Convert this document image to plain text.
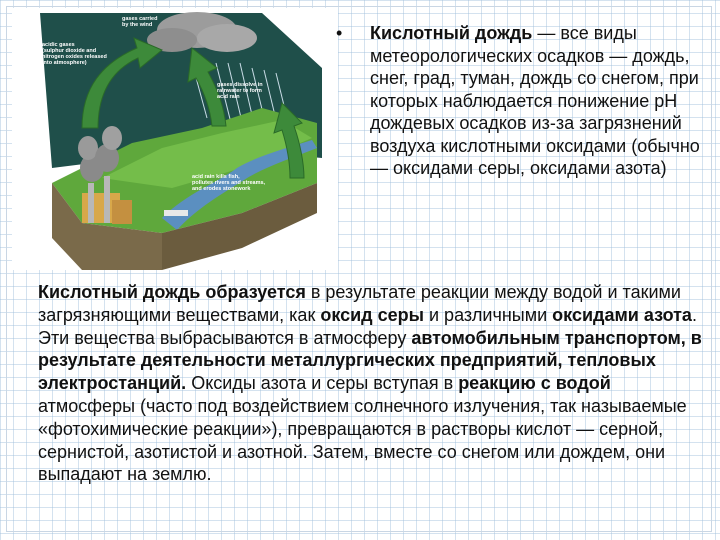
acidic gases (sulphur dioxide and nitrogen oxides released into atmosphere)
gases carried by the wind
gases dissolve in rainwater to form acid rain
acid rain kills fish, pollutes rivers and streams, and erodes stonework
• Кислотный дождь — все виды метеорологических осадков — дождь, снег, град, туман, дождь со снегом, при которых наблюдается понижение pH дождевых осадков из-за загрязнений воздуха кислотными оксидами (обычно — оксидами серы, оксидами азота)
Кислотный дождь образуется в результате реакции между водой и такими загрязняющими веществами, как оксид серы и различными оксидами азота. Эти вещества выбрасываются в атмосферу автомобильным транспортом, в результате деятельности металлургических предприятий, тепловых электростанций. Оксиды азота и серы вступая в реакцию с водой атмосферы (часто под воздействием солнечного излучения, так называемые «фотохимические реакции»), превращаются в растворы кислот — серной, сернистой, азотистой и азотной. Затем, вместе со снегом или дождем, они выпадают на землю.
